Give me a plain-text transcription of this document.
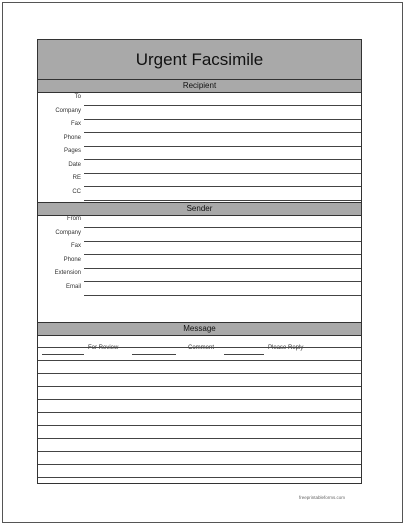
Urgent Facsimile
Recipient
To
Company
Fax
Phone
Pages
Date
RE
CC
Sender
From
Company
Fax
Phone
Extension
Email
For Review	Comment	Please Reply
Message
freeprintableforms.com
